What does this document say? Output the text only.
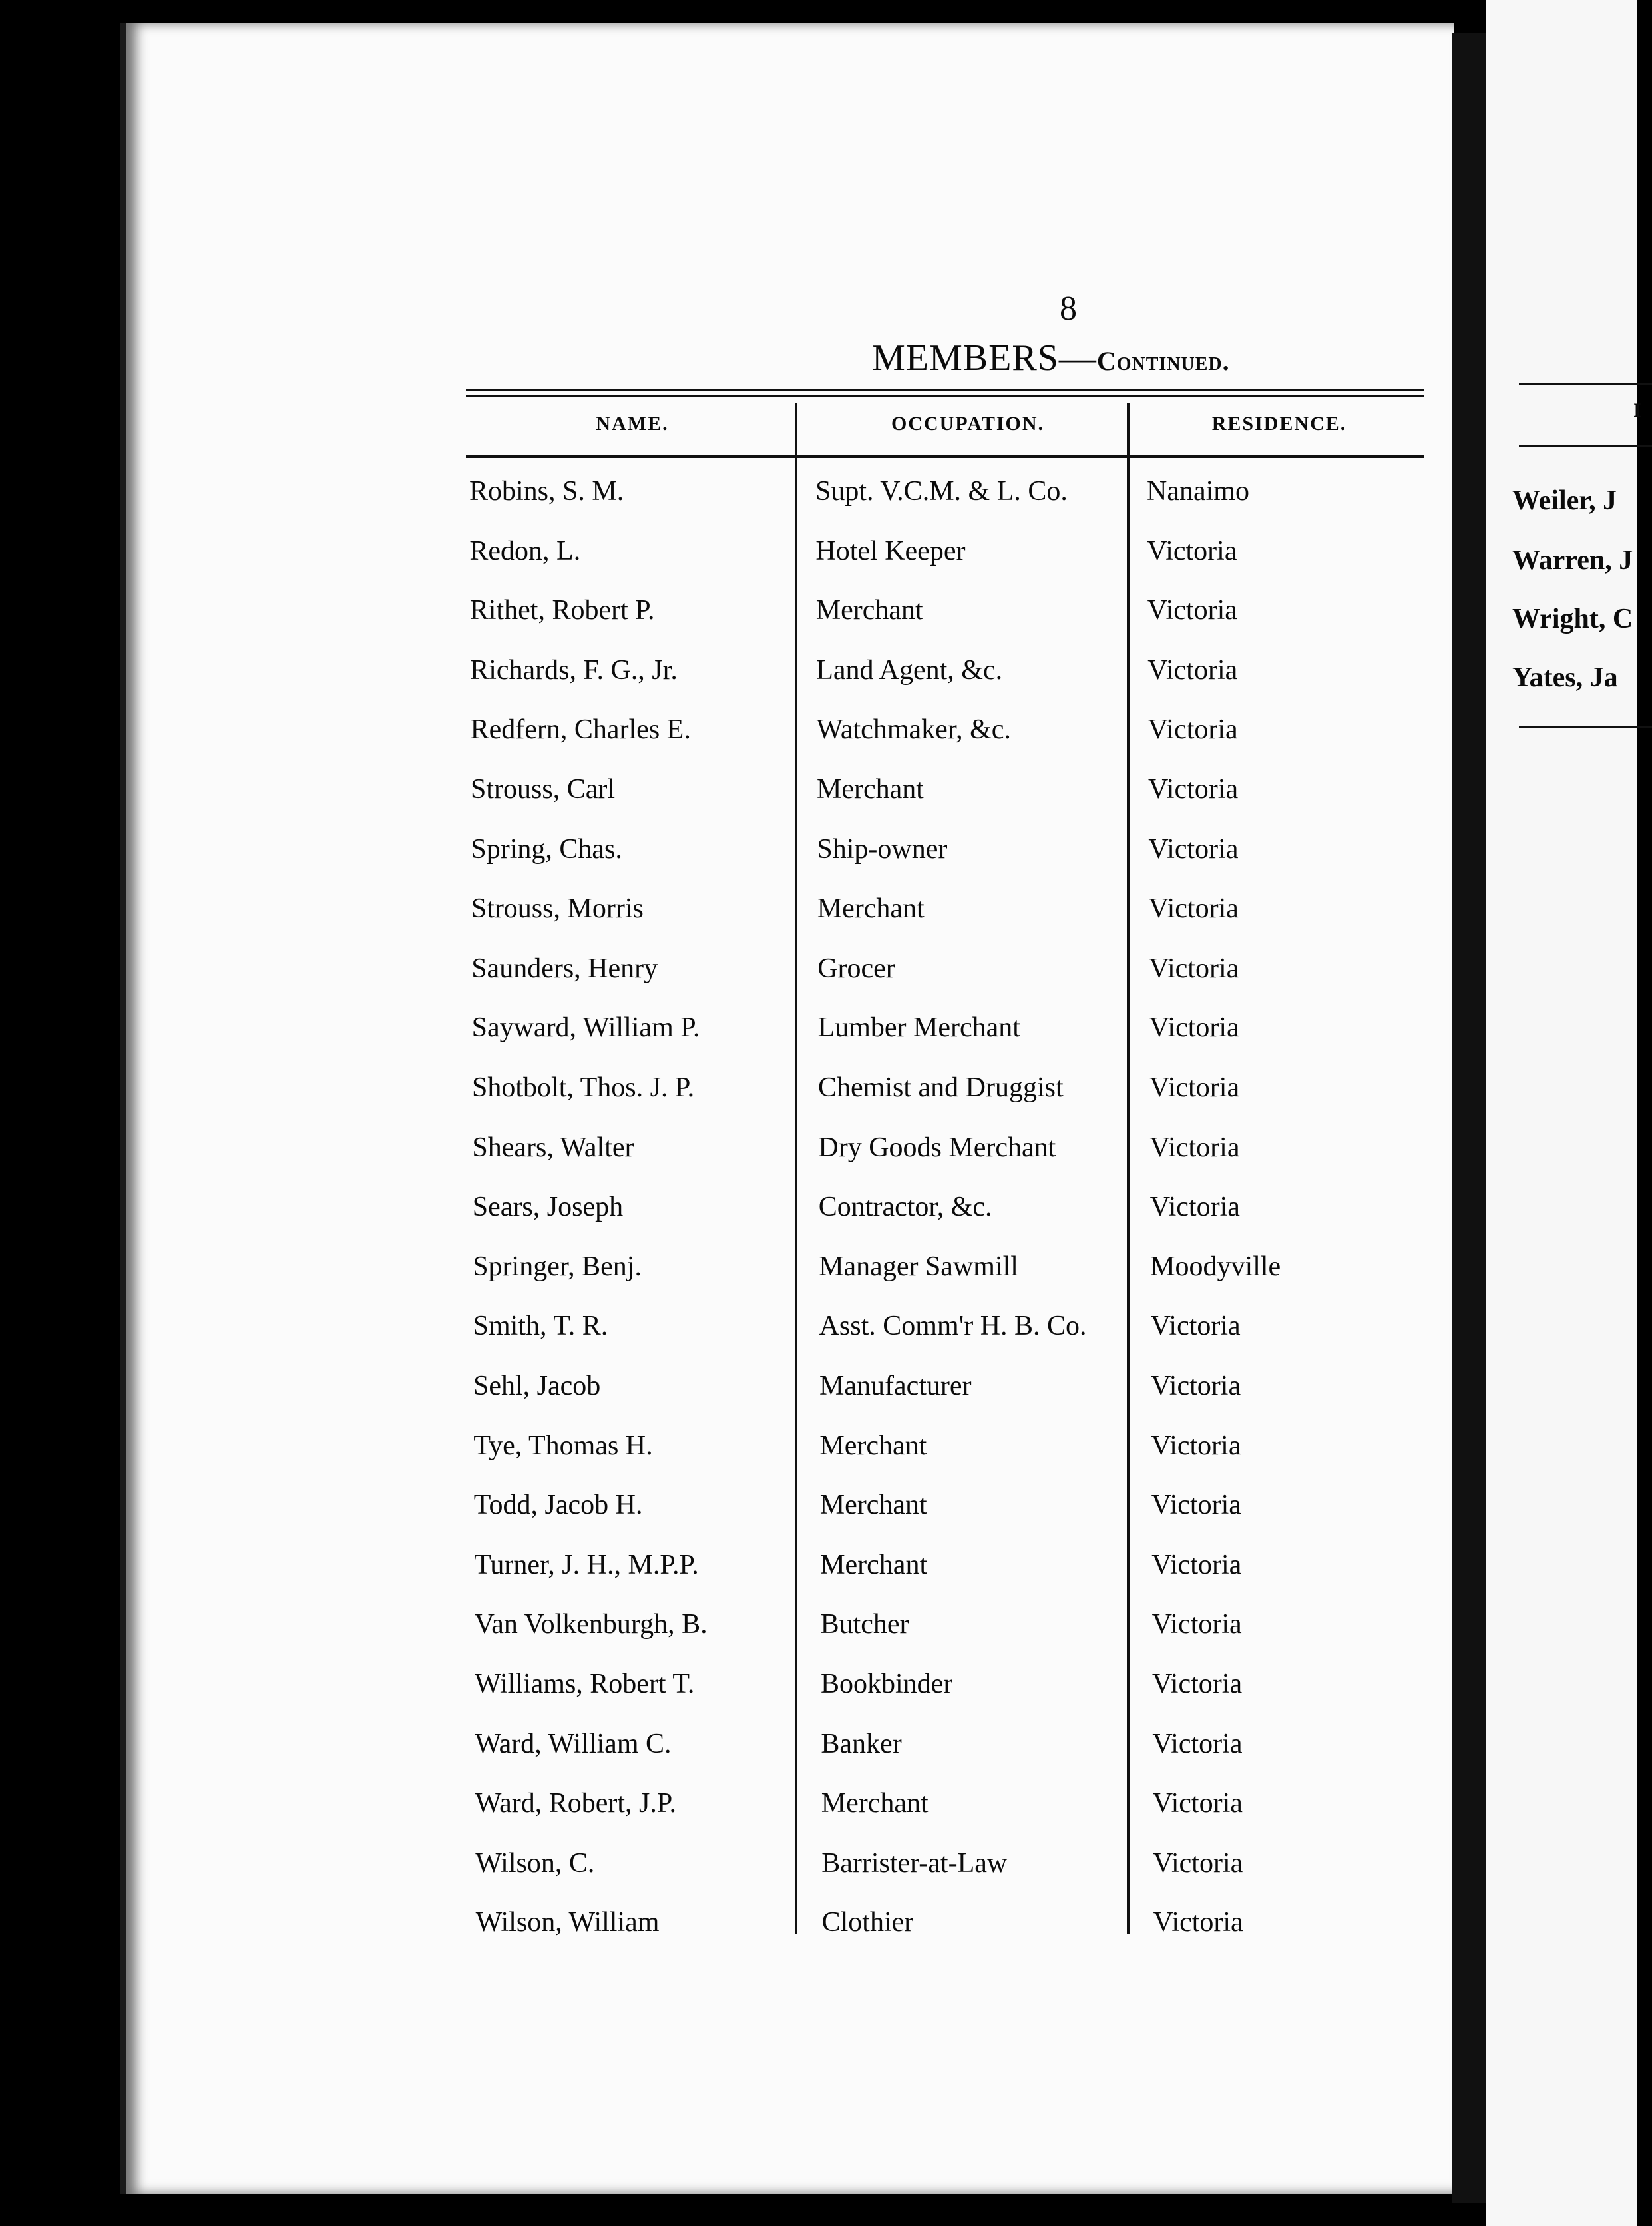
8
MEMBERS—Continued.
NAME.	OCCUPATION.	RESIDENCE.
Robins, S. M.	Supt. V.C.M. & L. Co.	Nanaimo
Redon, L.	Hotel Keeper	Victoria
Rithet, Robert P.	Merchant	Victoria
Richards, F. G., Jr.	Land Agent, &c.	Victoria
Redfern, Charles E.	Watchmaker, &c.	Victoria
Strouss, Carl	Merchant	Victoria
Spring, Chas.	Ship-owner	Victoria
Strouss, Morris	Merchant	Victoria
Saunders, Henry	Grocer	Victoria
Sayward, William P.	Lumber Merchant	Victoria
Shotbolt, Thos. J. P.	Chemist and Druggist	Victoria
Shears, Walter	Dry Goods Merchant	Victoria
Sears, Joseph	Contractor, &c.	Victoria
Springer, Benj.	Manager Sawmill	Moodyville
Smith, T. R.	Asst. Comm'r H. B. Co. Victoria
Sehl, Jacob	Manufacturer	Victoria
Tye, Thomas H.	Merchant	Victoria
Todd, Jacob H.	Merchant	Victoria
Turner, J. H., M.P.P.	Merchant	Victoria
Van Volkenburgh, B.	Butcher	Victoria
Williams, Robert T.	Bookbinder	Victoria
Ward, William C.	Banker	Victoria
Ward, Robert, J.P.	Merchant	Victoria
Wilson, C.	Barrister-at-Law	Victoria
Wilson, William	Clothier	Victoria
I
Weiler, J
Warren, J
Wright, C
Yates, Ja
